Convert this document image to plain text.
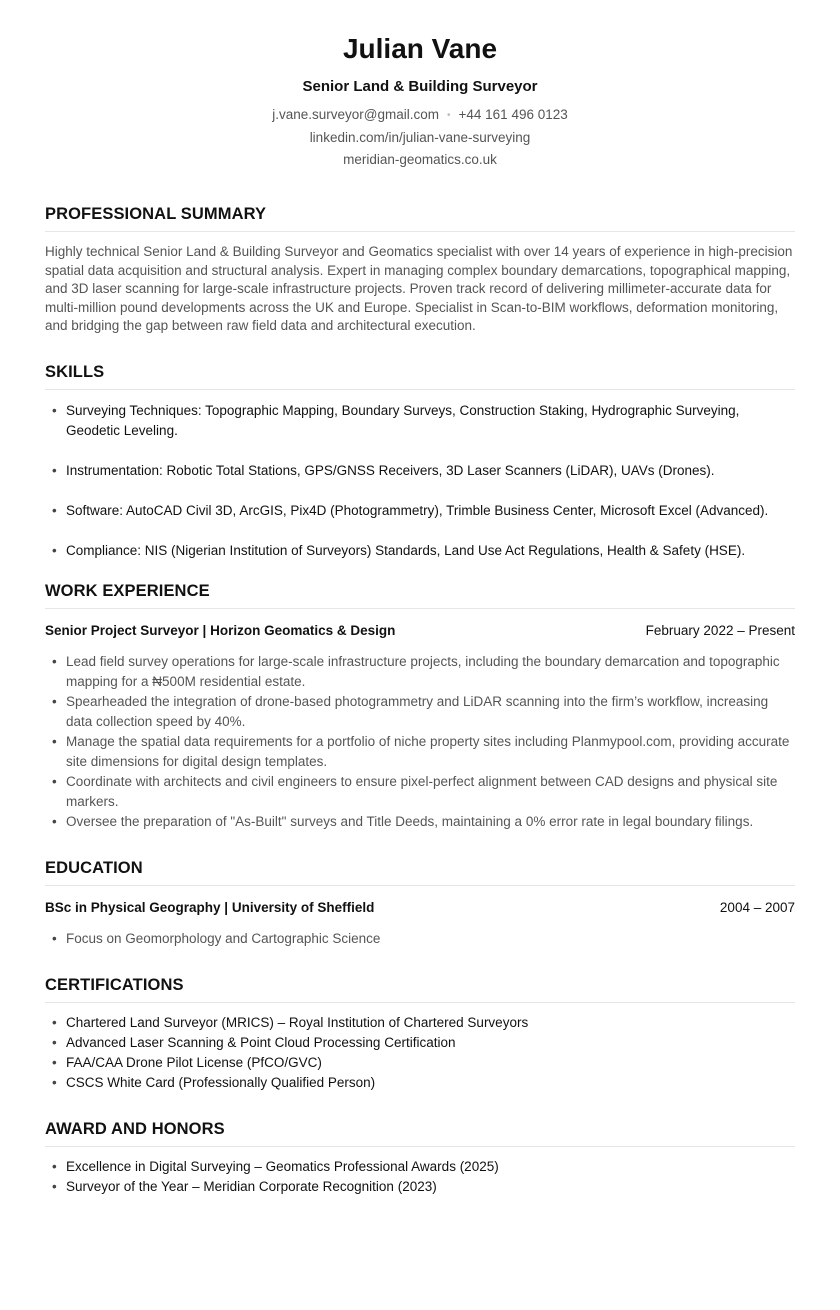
Julian Vane
Senior Land & Building Surveyor
j.vane.surveyor@gmail.com • +44 161 496 0123
linkedin.com/in/julian-vane-surveying
meridian-geomatics.co.uk
PROFESSIONAL SUMMARY

Highly technical Senior Land & Building Surveyor and Geomatics specialist with over 14 years of experience in high-precision spatial data acquisition and structural analysis. Expert in managing complex boundary demarcations, topographical mapping, and 3D laser scanning for large-scale infrastructure projects. Proven track record of delivering millimeter-accurate data for multi-million pound developments across the UK and Europe. Specialist in Scan-to-BIM workflows, deformation monitoring, and bridging the gap between raw field data and architectural execution.

SKILLS
• Surveying Techniques: Topographic Mapping, Boundary Surveys, Construction Staking, Hydrographic Surveying, Geodetic Leveling.
• Instrumentation: Robotic Total Stations, GPS/GNSS Receivers, 3D Laser Scanners (LiDAR), UAVs (Drones).
• Software: AutoCAD Civil 3D, ArcGIS, Pix4D (Photogrammetry), Trimble Business Center, Microsoft Excel (Advanced).
• Compliance: NIS (Nigerian Institution of Surveyors) Standards, Land Use Act Regulations, Health & Safety (HSE).
WORK EXPERIENCE
Senior Project Surveyor | Horizon Geomatics & Design	February 2022 – Present
• Lead field survey operations for large-scale infrastructure projects, including the boundary demarcation and topographic mapping for a ₦500M residential estate.
• Spearheaded the integration of drone-based photogrammetry and LiDAR scanning into the firm’s workflow, increasing data collection speed by 40%.
• Manage the spatial data requirements for a portfolio of niche property sites including Planmypool.com, providing accurate site dimensions for digital design templates.
• Coordinate with architects and civil engineers to ensure pixel-perfect alignment between CAD designs and physical site markers.
• Oversee the preparation of "As-Built" surveys and Title Deeds, maintaining a 0% error rate in legal boundary filings.
EDUCATION
BSc in Physical Geography | University of Sheffield	2004 – 2007
• Focus on Geomorphology and Cartographic Science
CERTIFICATIONS
• Chartered Land Surveyor (MRICS) – Royal Institution of Chartered Surveyors
• Advanced Laser Scanning & Point Cloud Processing Certification
• FAA/CAA Drone Pilot License (PfCO/GVC)
• CSCS White Card (Professionally Qualified Person)
AWARD AND HONORS
• Excellence in Digital Surveying – Geomatics Professional Awards (2025)
• Surveyor of the Year – Meridian Corporate Recognition (2023)
